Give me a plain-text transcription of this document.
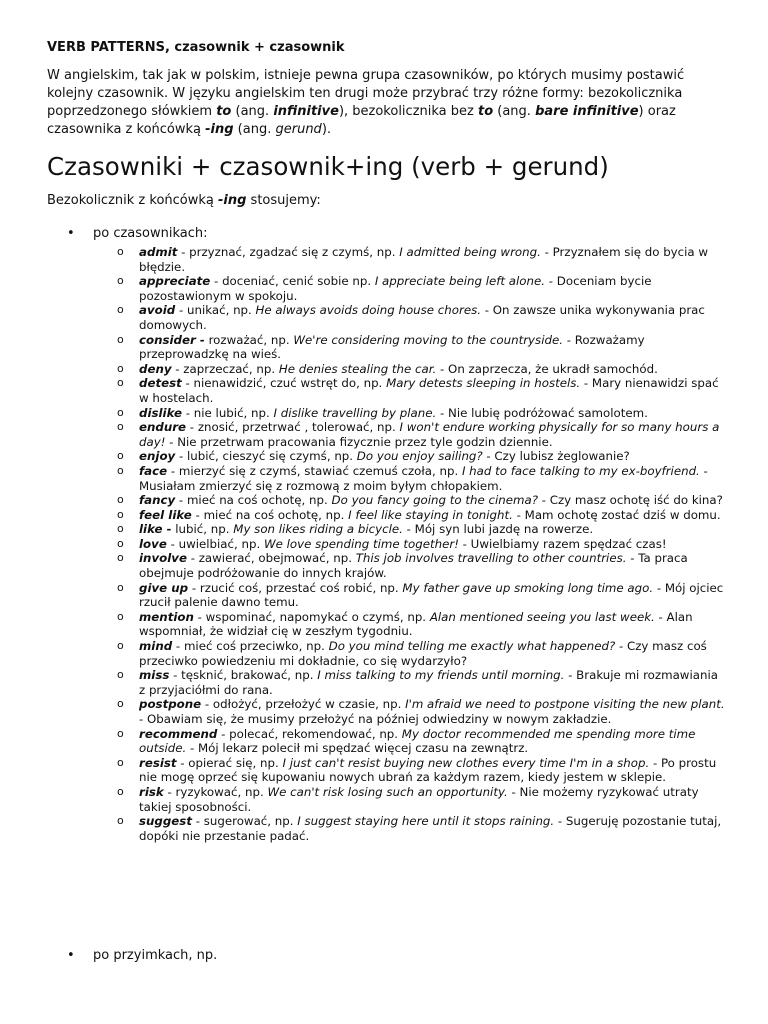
VERB PATTERNS, czasownik + czasownik

W angielskim, tak jak w polskim, istnieje pewna grupa czasowników, po których musimy postawić kolejny czasownik. W języku angielskim ten drugi może przybrać trzy różne formy: bezokolicznika poprzedzonego słówkiem to (ang. infinitive), bezokolicznika bez to (ang. bare infinitive) oraz czasownika z końcówką -ing (ang. gerund).

Czasowniki + czasownik+ing (verb + gerund)

Bezokolicznik z końcówką -ing stosujemy:

• po czasownikach:
o admit - przyznać, zgadzać się z czymś, np. I admitted being wrong. - Przyznałem się do bycia w błędzie.
o appreciate - doceniać, cenić sobie np. I appreciate being left alone. - Doceniam bycie pozostawionym w spokoju.
o avoid - unikać, np. He always avoids doing house chores. - On zawsze unika wykonywania prac domowych.
o consider - rozważać, np. We're considering moving to the countryside. - Rozważamy przeprowadzkę na wieś.
o deny - zaprzeczać, np. He denies stealing the car. - On zaprzecza, że ukradł samochód.
o detest - nienawidzić, czuć wstręt do, np. Mary detests sleeping in hostels. - Mary nienawidzi spać w hostelach.
o dislike - nie lubić, np. I dislike travelling by plane. - Nie lubię podróżować samolotem.
o endure - znosić, przetrwać , tolerować, np. I won't endure working physically for so many hours a day! - Nie przetrwam pracowania fizycznie przez tyle godzin dziennie.
o enjoy - lubić, cieszyć się czymś, np. Do you enjoy sailing? - Czy lubisz żeglowanie?
o face - mierzyć się z czymś, stawiać czemuś czoła, np. I had to face talking to my ex-boyfriend. - Musiałam zmierzyć się z rozmową z moim byłym chłopakiem.
o fancy - mieć na coś ochotę, np. Do you fancy going to the cinema? - Czy masz ochotę iść do kina?
o feel like - mieć na coś ochotę, np. I feel like staying in tonight. - Mam ochotę zostać dziś w domu.
o like - lubić, np. My son likes riding a bicycle. - Mój syn lubi jazdę na rowerze.
o love - uwielbiać, np. We love spending time together! - Uwielbiamy razem spędzać czas!
o involve - zawierać, obejmować, np. This job involves travelling to other countries. - Ta praca obejmuje podróżowanie do innych krajów.
o give up - rzucić coś, przestać coś robić, np. My father gave up smoking long time ago. - Mój ojciec rzucił palenie dawno temu.
o mention - wspominać, napomykać o czymś, np. Alan mentioned seeing you last week. - Alan wspomniał, że widział cię w zeszłym tygodniu.
o mind - mieć coś przeciwko, np. Do you mind telling me exactly what happened? - Czy masz coś przeciwko powiedzeniu mi dokładnie, co się wydarzyło?
o miss - tęsknić, brakować, np. I miss talking to my friends until morning. - Brakuje mi rozmawiania z przyjaciółmi do rana.
o postpone - odłożyć, przełożyć w czasie, np. I'm afraid we need to postpone visiting the new plant. - Obawiam się, że musimy przełożyć na później odwiedziny w nowym zakładzie.
o recommend - polecać, rekomendować, np. My doctor recommended me spending more time outside. - Mój lekarz polecił mi spędzać więcej czasu na zewnątrz.
o resist - opierać się, np. I just can't resist buying new clothes every time I'm in a shop. - Po prostu nie mogę oprzeć się kupowaniu nowych ubrań za każdym razem, kiedy jestem w sklepie.
o risk - ryzykować, np. We can't risk losing such an opportunity. - Nie możemy ryzykować utraty takiej sposobności.
o suggest - sugerować, np. I suggest staying here until it stops raining. - Sugeruję pozostanie tutaj, dopóki nie przestanie padać.
• po przyimkach, np.
